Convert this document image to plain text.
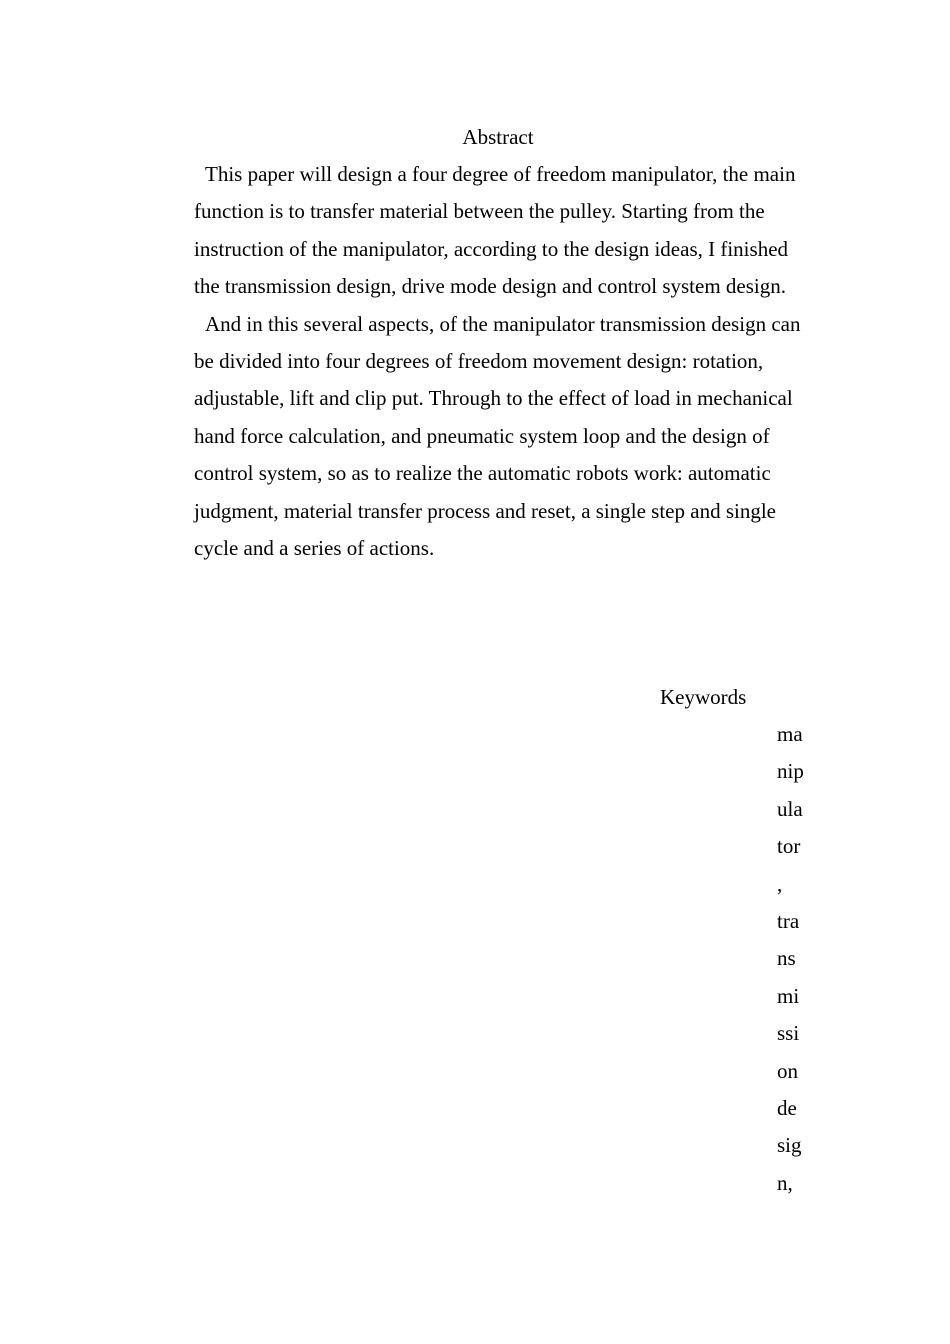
Abstract

This paper will design a four degree of freedom manipulator, the main function is to transfer material between the pulley. Starting from the instruction of the manipulator, according to the design ideas, I finished the transmission design, drive mode design and control system design.

And in this several aspects, of the manipulator transmission design can be divided into four degrees of freedom movement design: rotation, adjustable, lift and clip put. Through to the effect of load in mechanical hand force calculation, and pneumatic system loop and the design of control system, so as to realize the automatic robots work: automatic judgment, material transfer process and reset, a single step and single cycle and a series of actions.

Keywords
ma
nip
ula
tor
,
tra
ns
mi
ssi
on
de
sig
n,
